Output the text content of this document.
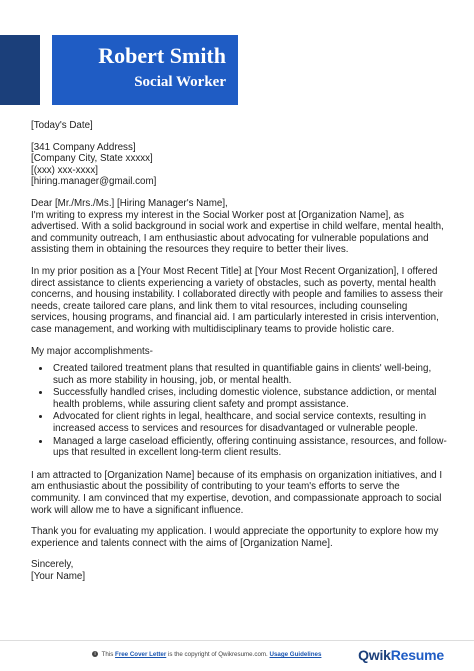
Robert Smith
Social Worker

[Today's Date]

[341 Company Address]

[Company City, State xxxxx]

[(xxx) xxx-xxxx]

[hiring.manager@gmail.com]

Dear [Mr./Mrs./Ms.] [Hiring Manager's Name],

I'm writing to express my interest in the Social Worker post at [Organization Name], as advertised. With a solid background in social work and expertise in child welfare, mental health, and community outreach, I am enthusiastic about advocating for vulnerable populations and assisting them in obtaining the resources they require to better their lives.

In my prior position as a [Your Most Recent Title] at [Your Most Recent Organization], I offered direct assistance to clients experiencing a variety of obstacles, such as poverty, mental health concerns, and housing instability. I collaborated directly with people and families to assess their needs, create tailored care plans, and link them to vital resources, including counseling services, housing programs, and financial aid. I am particularly interested in crisis intervention, case management, and working with multidisciplinary teams to provide holistic care.

My major accomplishments-

• Created tailored treatment plans that resulted in quantifiable gains in clients' well-being, such as more stability in housing, job, or mental health.
• Successfully handled crises, including domestic violence, substance addiction, or mental health problems, while assuring client safety and prompt assistance.
• Advocated for client rights in legal, healthcare, and social service contexts, resulting in increased access to services and resources for disadvantaged or vulnerable people.
• Managed a large caseload efficiently, offering continuing assistance, resources, and follow-ups that resulted in excellent long-term client results.

I am attracted to [Organization Name] because of its emphasis on organization initiatives, and I am enthusiastic about the possibility of contributing to your team's efforts to serve the community. I am convinced that my expertise, devotion, and compassionate approach to social work will allow me to have a significant influence.

Thank you for evaluating my application. I would appreciate the opportunity to explore how my experience and talents connect with the aims of [Organization Name].

Sincerely,

[Your Name]

i This Free Cover Letter is the copyright of Qwikresume.com. Usage Guidelines	QwikResume
